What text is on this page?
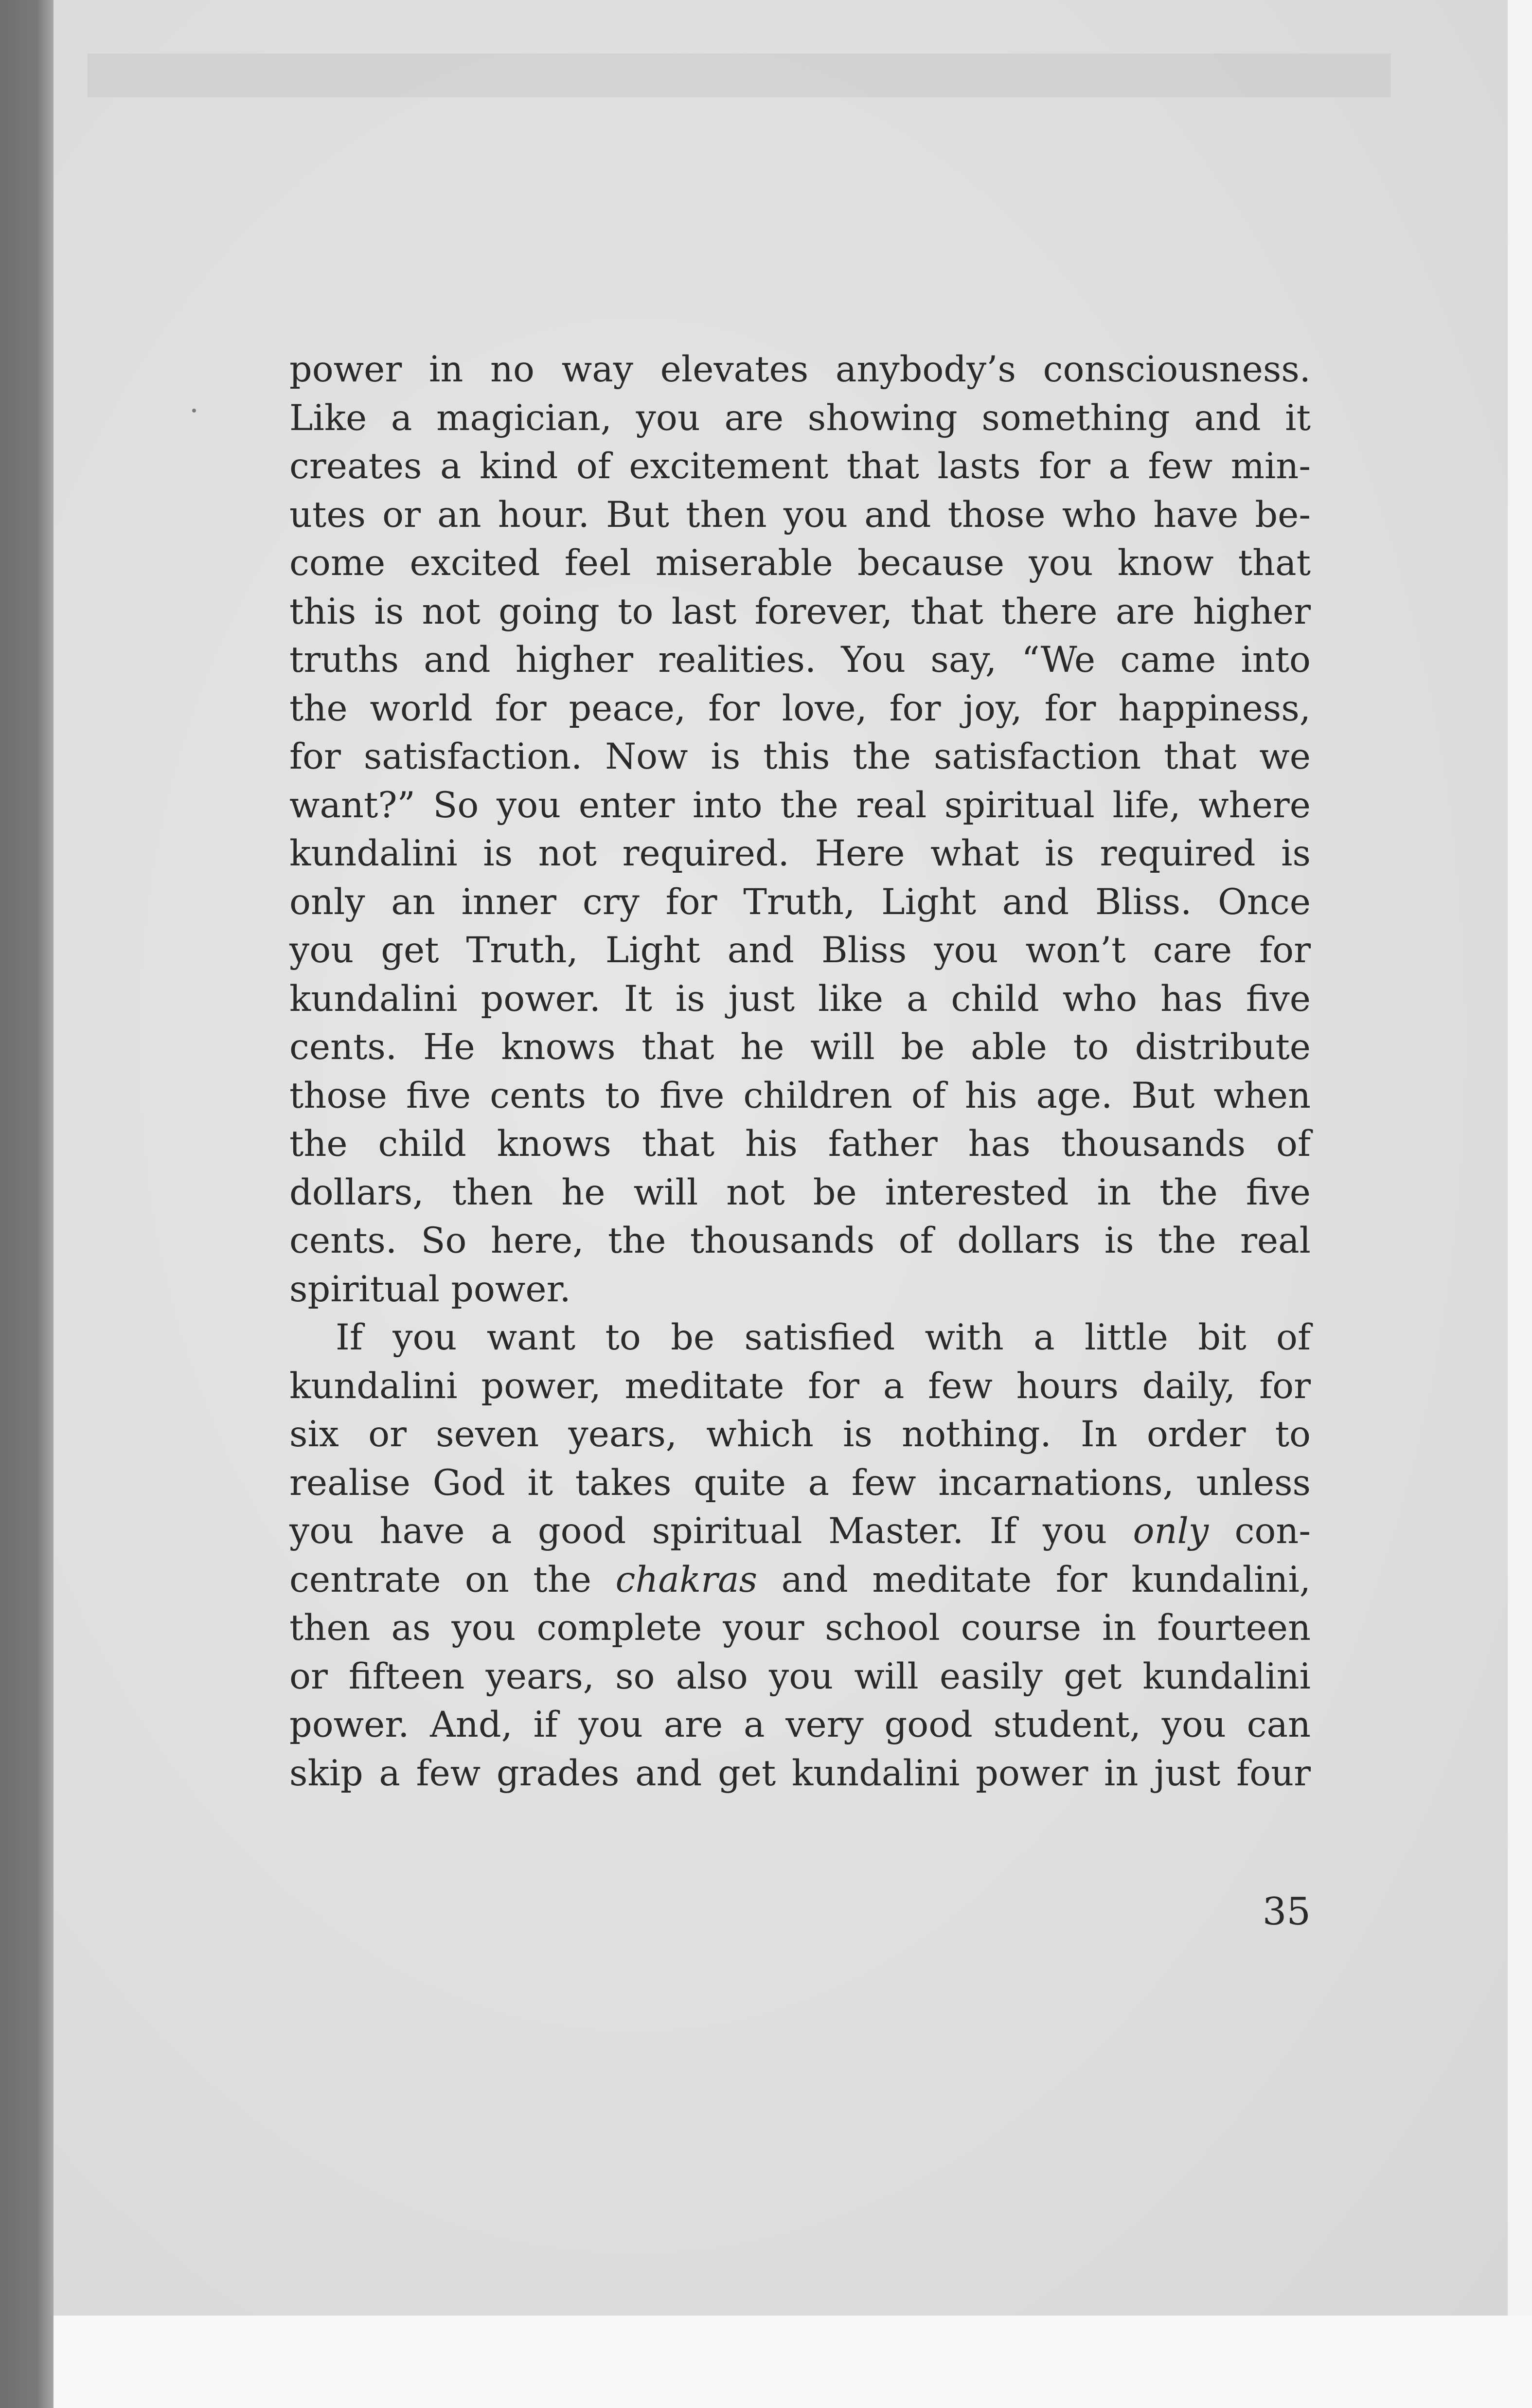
power in no way elevates anybody’s consciousness.
Like a magician, you are showing something and it
creates a kind of excitement that lasts for a few min-
utes or an hour. But then you and those who have be-
come excited feel miserable because you know that
this is not going to last forever, that there are higher
truths and higher realities. You say, “We came into
the world for peace, for love, for joy, for happiness,
for satisfaction. Now is this the satisfaction that we
want?” So you enter into the real spiritual life, where
kundalini is not required. Here what is required is
only an inner cry for Truth, Light and Bliss. Once
you get Truth, Light and Bliss you won’t care for
kundalini power. It is just like a child who has five
cents. He knows that he will be able to distribute
those five cents to five children of his age. But when
the child knows that his father has thousands of
dollars, then he will not be interested in the five
cents. So here, the thousands of dollars is the real
spiritual power.
If you want to be satisfied with a little bit of
kundalini power, meditate for a few hours daily, for
six or seven years, which is nothing. In order to
realise God it takes quite a few incarnations, unless
you have a good spiritual Master. If you only con-
centrate on the chakras and meditate for kundalini,
then as you complete your school course in fourteen
or fifteen years, so also you will easily get kundalini
power. And, if you are a very good student, you can
skip a few grades and get kundalini power in just four
35
